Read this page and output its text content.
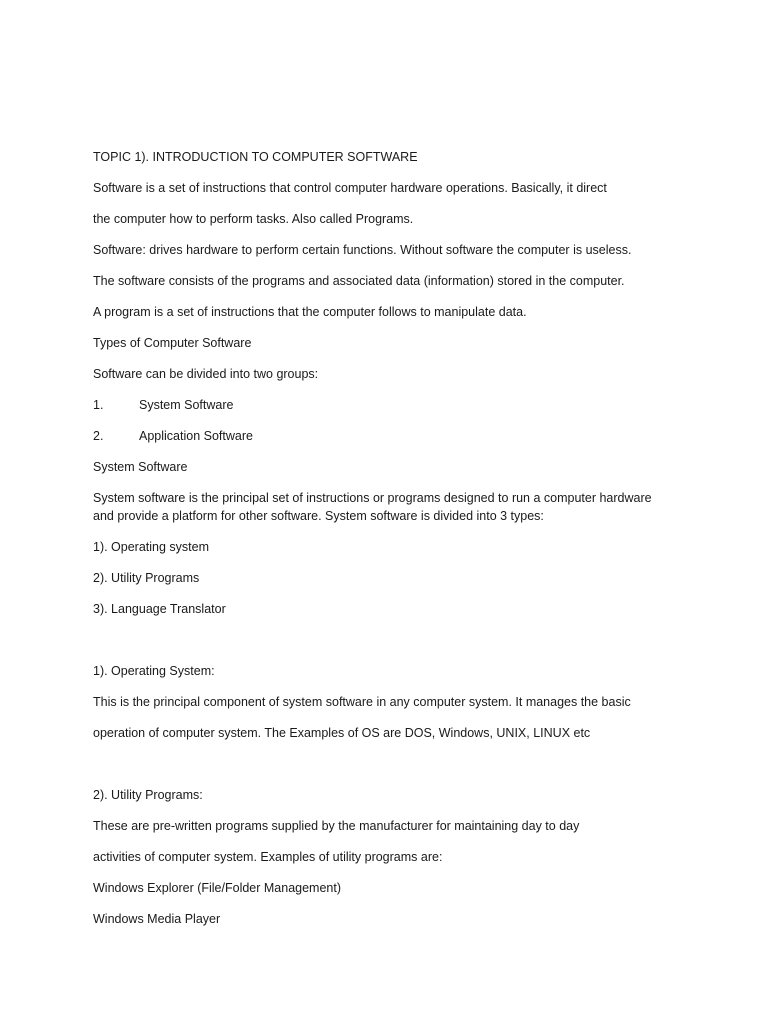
TOPIC 1). INTRODUCTION TO COMPUTER SOFTWARE
Software is a set of instructions that control computer hardware operations. Basically, it direct
the computer how to perform tasks. Also called Programs.
Software: drives hardware to perform certain functions. Without software the computer is useless.
The software consists of the programs and associated data (information) stored in the computer.
A program is a set of instructions that the computer follows to manipulate data.
Types of Computer Software
Software can be divided into two groups:
1.	System Software
2.	Application Software
System Software
System software is the principal set of instructions or programs designed to run a computer hardware and provide a platform for other software. System software is divided into 3 types:
1). Operating system
2). Utility Programs
3). Language Translator
1). Operating System:
This is the principal component of system software in any computer system. It manages the basic
operation of computer system. The Examples of OS are DOS, Windows, UNIX, LINUX etc
2). Utility Programs:
These are pre-written programs supplied by the manufacturer for maintaining day to day
activities of computer system. Examples of utility programs are:
Windows Explorer (File/Folder Management)
Windows Media Player
